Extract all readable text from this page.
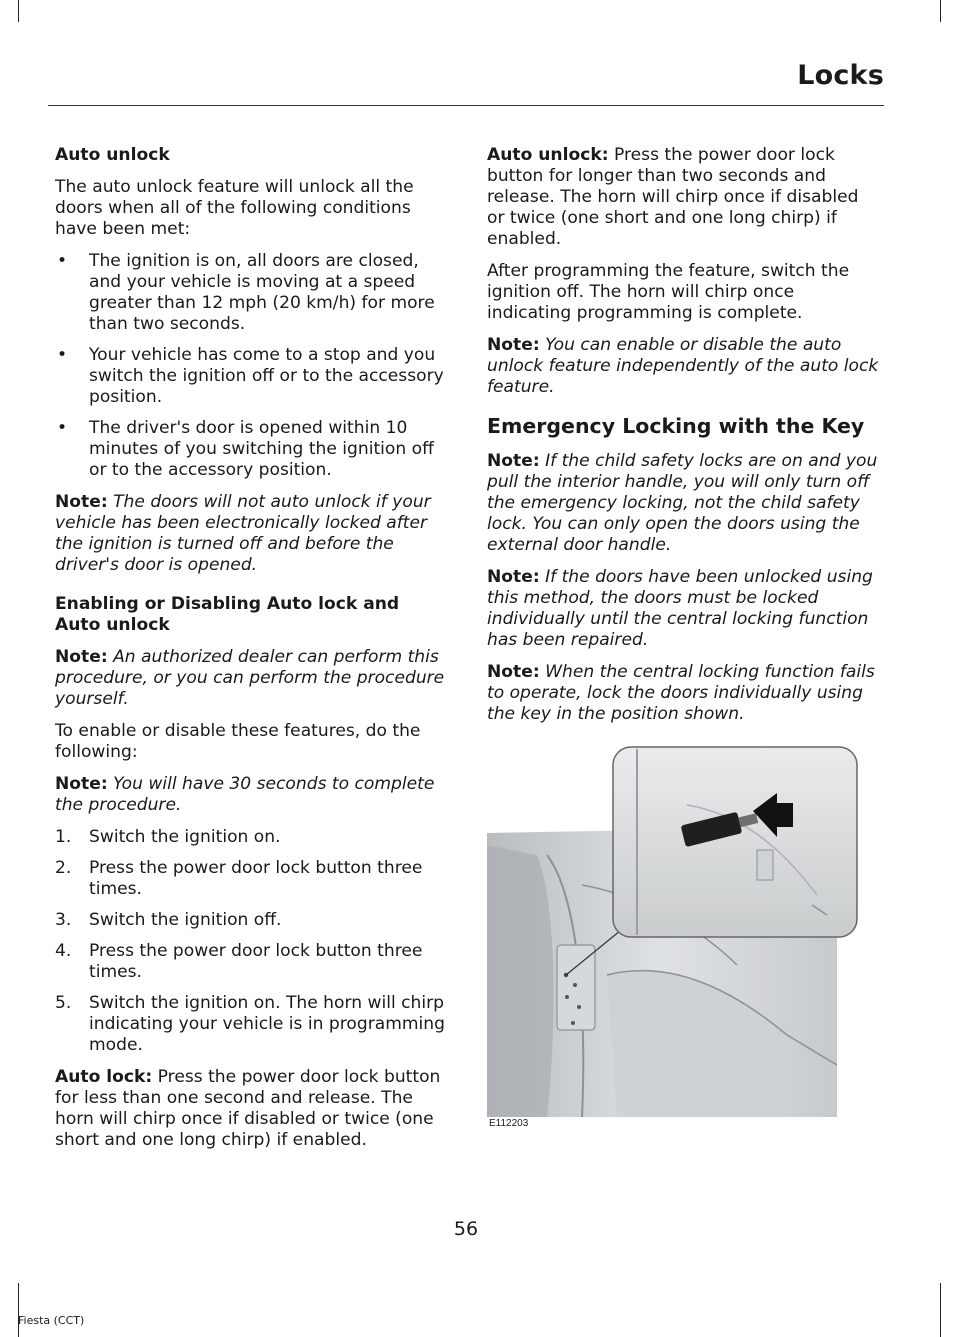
Locks
Auto unlock

The auto unlock feature will unlock all the doors when all of the following conditions have been met:

• The ignition is on, all doors are closed, and your vehicle is moving at a speed greater than 12 mph (20 km/h) for more than two seconds.
• Your vehicle has come to a stop and you switch the ignition off or to the accessory position.
• The driver's door is opened within 10 minutes of you switching the ignition off or to the accessory position.

Note: The doors will not auto unlock if your vehicle has been electronically locked after the ignition is turned off and before the driver's door is opened.

Enabling or Disabling Auto lock and Auto unlock

Note: An authorized dealer can perform this procedure, or you can perform the procedure yourself.

To enable or disable these features, do the following:

Note: You will have 30 seconds to complete the procedure.

1. Switch the ignition on.
2. Press the power door lock button three times.
3. Switch the ignition off.
4. Press the power door lock button three times.
5. Switch the ignition on. The horn will chirp indicating your vehicle is in programming mode.

Auto lock: Press the power door lock button for less than one second and release. The horn will chirp once if disabled or twice (one short and one long chirp) if enabled.

Auto unlock: Press the power door lock button for longer than two seconds and release. The horn will chirp once if disabled or twice (one short and one long chirp) if enabled.

After programming the feature, switch the ignition off. The horn will chirp once indicating programming is complete.

Note: You can enable or disable the auto unlock feature independently of the auto lock feature.

Emergency Locking with the Key

Note: If the child safety locks are on and you pull the interior handle, you will only turn off the emergency locking, not the child safety lock. You can only open the doors using the external door handle.

Note: If the doors have been unlocked using this method, the doors must be locked individually until the central locking function has been repaired.

Note: When the central locking function fails to operate, lock the doors individually using the key in the position shown.

E112203
56
Fiesta (CCT)
